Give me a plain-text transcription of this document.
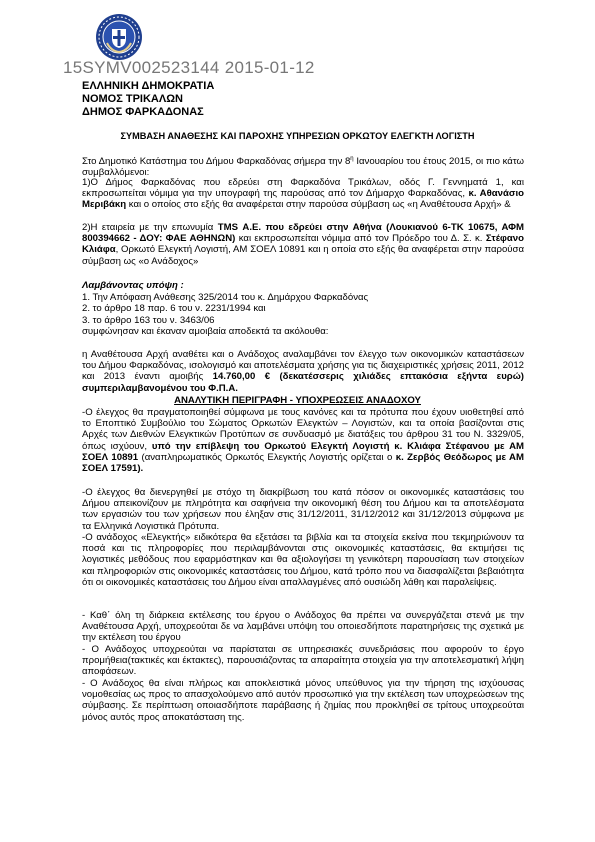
15SYMV002523144 2015-01-12
ΕΛΛΗΝΙΚΗ ΔΗΜΟΚΡΑΤΙΑ
ΝΟΜΟΣ ΤΡΙΚΑΛΩΝ
ΔΗΜΟΣ ΦΑΡΚΑΔΟΝΑΣ
ΣΥΜΒΑΣΗ ΑΝΑΘΕΣΗΣ ΚΑΙ ΠΑΡΟΧΗΣ ΥΠΗΡΕΣΙΩΝ ΟΡΚΩΤΟΥ ΕΛΕΓΚΤΗ ΛΟΓΙΣΤΗ
Στο Δημοτικό Κατάστημα του Δήμου Φαρκαδόνας σήμερα την $8^\eta$ Ιανουαρίου του έτους 2015, οι πιο κάτω συμβαλλόμενοι:
1)Ο Δήμος Φαρκαδόνας που εδρεύει στη Φαρκαδόνα Τρικάλων, οδός Γ. Γεννηματά 1, και εκπροσωπείται νόμιμα για την υπογραφή της παρούσας από τον Δήμαρχο Φαρκαδόνας, κ. Αθανάσιο Μεριβάκη και ο οποίος στο εξής θα αναφέρεται στην παρούσα σύμβαση ως «η Αναθέτουσα Αρχή» &
2)Η εταιρεία με την επωνυμία TMS Α.Ε. που εδρεύει στην Αθήνα (Λουκιανού 6-ΤΚ 10675, ΑΦΜ 800394662 - ΔΟΥ: ΦΑΕ ΑΘΗΝΩΝ) και εκπροσωπείται νόμιμα από τον Πρόεδρο του Δ. Σ. κ. Στέφανο Κλιάφα, Ορκωτό Ελεγκτή Λογιστή, ΑΜ ΣΟΕΛ 10891 και η οποία στο εξής θα αναφέρεται στην παρούσα σύμβαση ως «ο Ανάδοχος»
Λαμβάνοντας υπόψη :
1. Την Απόφαση Ανάθεσης 325/2014 του κ. Δημάρχου Φαρκαδόνας
2. το άρθρο 18 παρ. 6 του ν. 2231/1994 και
3. το άρθρο 163 του ν. 3463/06
συμφώνησαν και έκαναν αμοιβαία αποδεκτά τα ακόλουθα:
η Αναθέτουσα Αρχή αναθέτει και ο Ανάδοχος αναλαμβάνει τον έλεγχο των οικονομικών καταστάσεων του Δήμου Φαρκαδόνας, ισολογισμό και αποτελέσματα χρήσης για τις διαχειριστικές χρήσεις 2011, 2012 και 2013 έναντι αμοιβής 14.760,00 € (δεκατέσσερις χιλιάδες επτακόσια εξήντα ευρώ) συμπεριλαμβανομένου του Φ.Π.Α.
ΑΝΑΛΥΤΙΚΗ ΠΕΡΙΓΡΑΦΗ - ΥΠΟΧΡΕΩΣΕΙΣ ΑΝΑΔΟΧΟΥ
-Ο έλεγχος θα πραγματοποιηθεί σύμφωνα με τους κανόνες και τα πρότυπα που έχουν υιοθετηθεί από το Εποπτικό Συμβούλιο του Σώματος Ορκωτών Ελεγκτών – Λογιστών, και τα οποία βασίζονται στις Αρχές των Διεθνών Ελεγκτικών Προτύπων σε συνδυασμό με διατάξεις του άρθρου 31 του Ν. 3329/05, όπως ισχύουν, υπό την επίβλεψη του Ορκωτού Ελεγκτή Λογιστή κ. Κλιάφα Στέφανου με ΑΜ ΣΟΕΛ 10891 (αναπληρωματικός Ορκωτός Ελεγκτής Λογιστής ορίζεται ο κ. Ζερβός Θεόδωρος με ΑΜ ΣΟΕΛ 17591).
-Ο έλεγχος θα διενεργηθεί με στόχο τη διακρίβωση του κατά πόσον οι οικονομικές καταστάσεις του Δήμου απεικονίζουν με πληρότητα και σαφήνεια την οικονομική θέση του Δήμου και τα αποτελέσματα των εργασιών του των χρήσεων που έληξαν στις 31/12/2011, 31/12/2012 και 31/12/2013 σύμφωνα με τα Ελληνικά Λογιστικά Πρότυπα.
-Ο ανάδοχος «Ελεγκτής» ειδικότερα θα εξετάσει τα βιβλία και τα στοιχεία εκείνα που τεκμηριώνουν τα ποσά και τις πληροφορίες που περιλαμβάνονται στις οικονομικές καταστάσεις, θα εκτιμήσει τις λογιστικές μεθόδους που εφαρμόστηκαν και θα αξιολογήσει τη γενικότερη παρουσίαση των στοιχείων και πληροφοριών στις οικονομικές καταστάσεις του Δήμου, κατά τρόπο που να διασφαλίζεται βεβαιότητα ότι οι οικονομικές καταστάσεις του Δήμου είναι απαλλαγμένες από ουσιώδη λάθη και παραλείψεις.
- Καθ΄ όλη τη διάρκεια εκτέλεσης του έργου ο Ανάδοχος θα πρέπει να συνεργάζεται στενά με την Αναθέτουσα Αρχή, υποχρεούται δε να λαμβάνει υπόψη του οποιεσδήποτε παρατηρήσεις της σχετικά με την εκτέλεση του έργου
- Ο Ανάδοχος υποχρεούται να παρίσταται σε υπηρεσιακές συνεδριάσεις που αφορούν το έργο προμήθεια(τακτικές και έκτακτες), παρουσιάζοντας τα απαραίτητα στοιχεία για την αποτελεσματική λήψη αποφάσεων.
- Ο Ανάδοχος θα είναι πλήρως και αποκλειστικά μόνος υπεύθυνος για την τήρηση της ισχύουσας νομοθεσίας ως προς το απασχολούμενο από αυτόν προσωπικό για την εκτέλεση των υποχρεώσεων της σύμβασης. Σε περίπτωση οποιασδήποτε παράβασης ή ζημίας που προκληθεί σε τρίτους υποχρεούται μόνος αυτός προς αποκατάσταση της.
